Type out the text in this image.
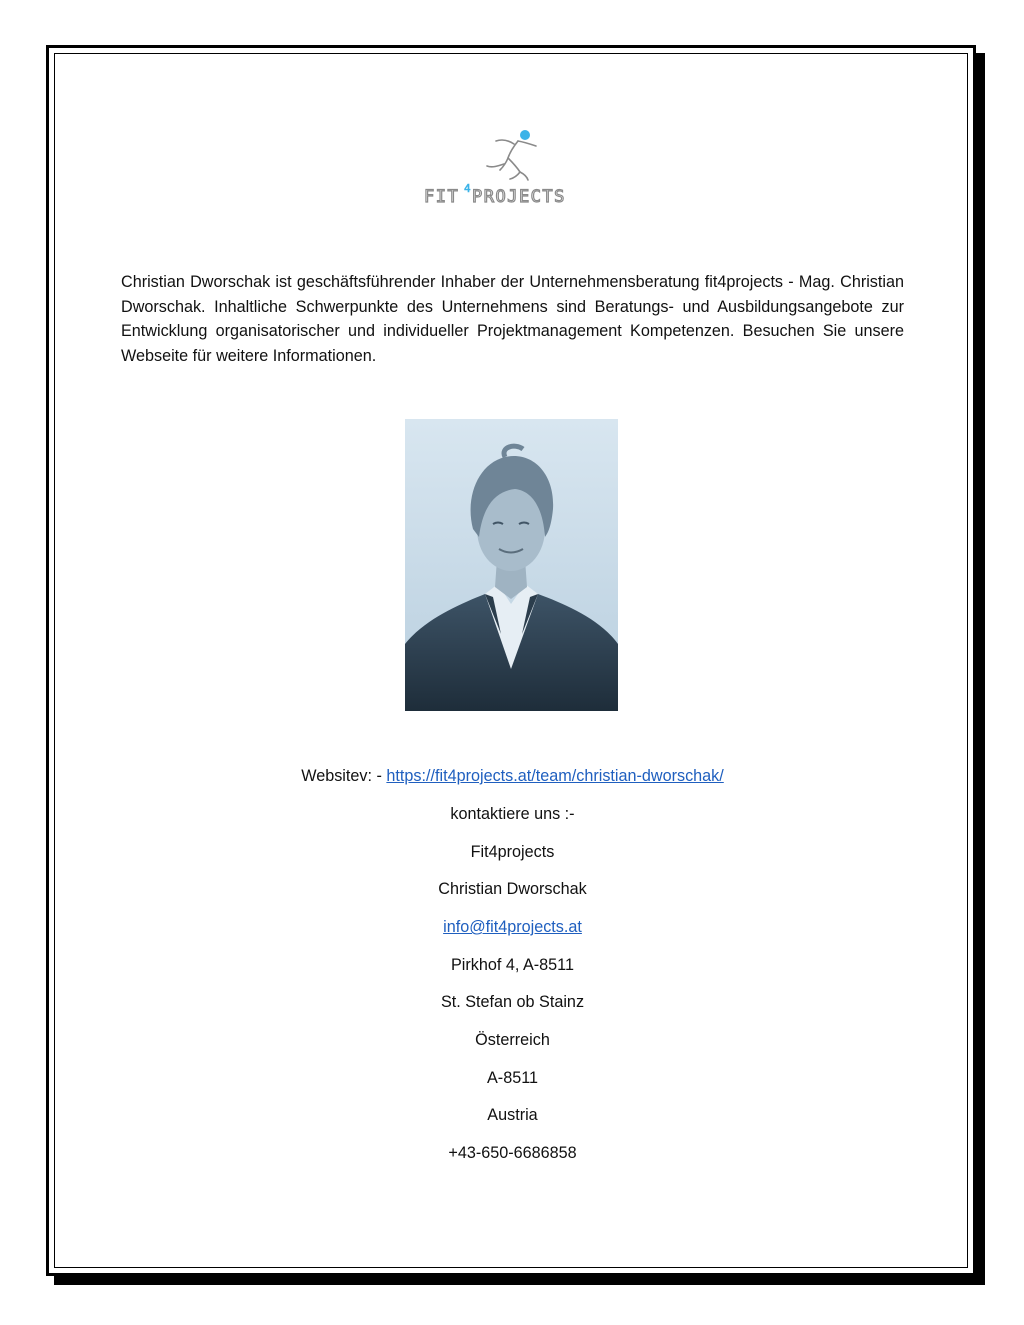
FIT 4 PROJECTS

Christian Dworschak ist geschäftsführender Inhaber der Unternehmensberatung fit4projects - Mag. Christian Dworschak. Inhaltliche Schwerpunkte des Unternehmens sind Beratungs- und Ausbildungsangebote zur Entwicklung organisatorischer und individueller Projektmanagement Kompetenzen. Besuchen Sie unsere Webseite für weitere Informationen.

Websitev: - https://fit4projects.at/team/christian-dworschak/

kontaktiere uns :-

Fit4projects

Christian Dworschak

info@fit4projects.at

Pirkhof 4, A-8511

St. Stefan ob Stainz

Österreich

A-8511

Austria

+43-650-6686858
